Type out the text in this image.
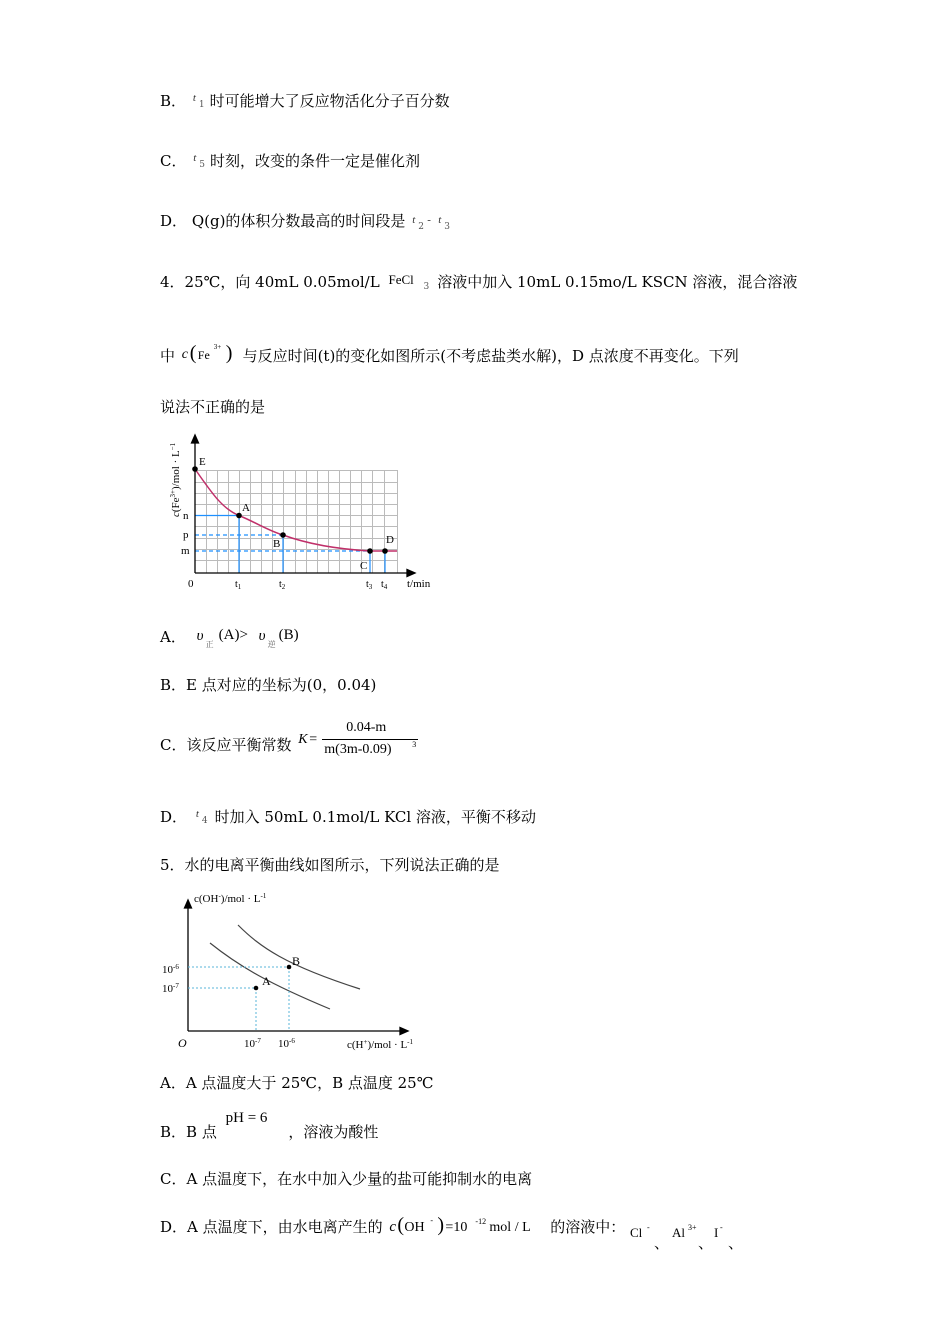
B． t
1 时可能增大了反应物活化分子百分数
C． t
5 时刻，改变的条件一定是催化剂
D． Q(g)的体积分数最高的时间段是 t
2
- t
3
4．25℃，向 40mL 0.05mol/L FeCl 3 溶液中加入 10mL 0.15mo/L KSCN 溶液，混合溶液
中 c ( Fe
3+ ) 与反应时间(t)的变化如图所示(不考虑盐类水解)，D 点浓度不再变化。下列
说法不正确的是
E
A
B
C
D
n
p
m
0	$t_1$	$t_2$	$t_3$ $t_4$ t/min
$c(Fe^{3+})$/mol · $L^{-1}$
A． υ
正
(A)> υ
逆
(B)
B．E 点对应的坐标为(0，0.04)
C．该反应平衡常数 K =
0.04-m
m(3m-0.09)	3
D． t
4 时加入 50mL 0.1mol/L KCl 溶液，平衡不移动
5．水的电离平衡曲线如图所示，下列说法正确的是
A
B
$10^{-6}$
$10^{-7}$
$10^{-7}$ $10^{-6}$
O
$c(OH^-)/mol \cdot L^{-1}$
$c(H^+)/mol \cdot L^{-1}$
A．A 点温度大于 25℃，B 点温度 25℃
B．B 点
pH = 6
，溶液为酸性
C．A 点温度下，在水中加入少量的盐可能抑制水的电离
D．A 点温度下，由水电离产生的 c ( OH - ) =10 -12 mol / L 的溶液中： Cl -
、
Al 3+
、
I -
、
